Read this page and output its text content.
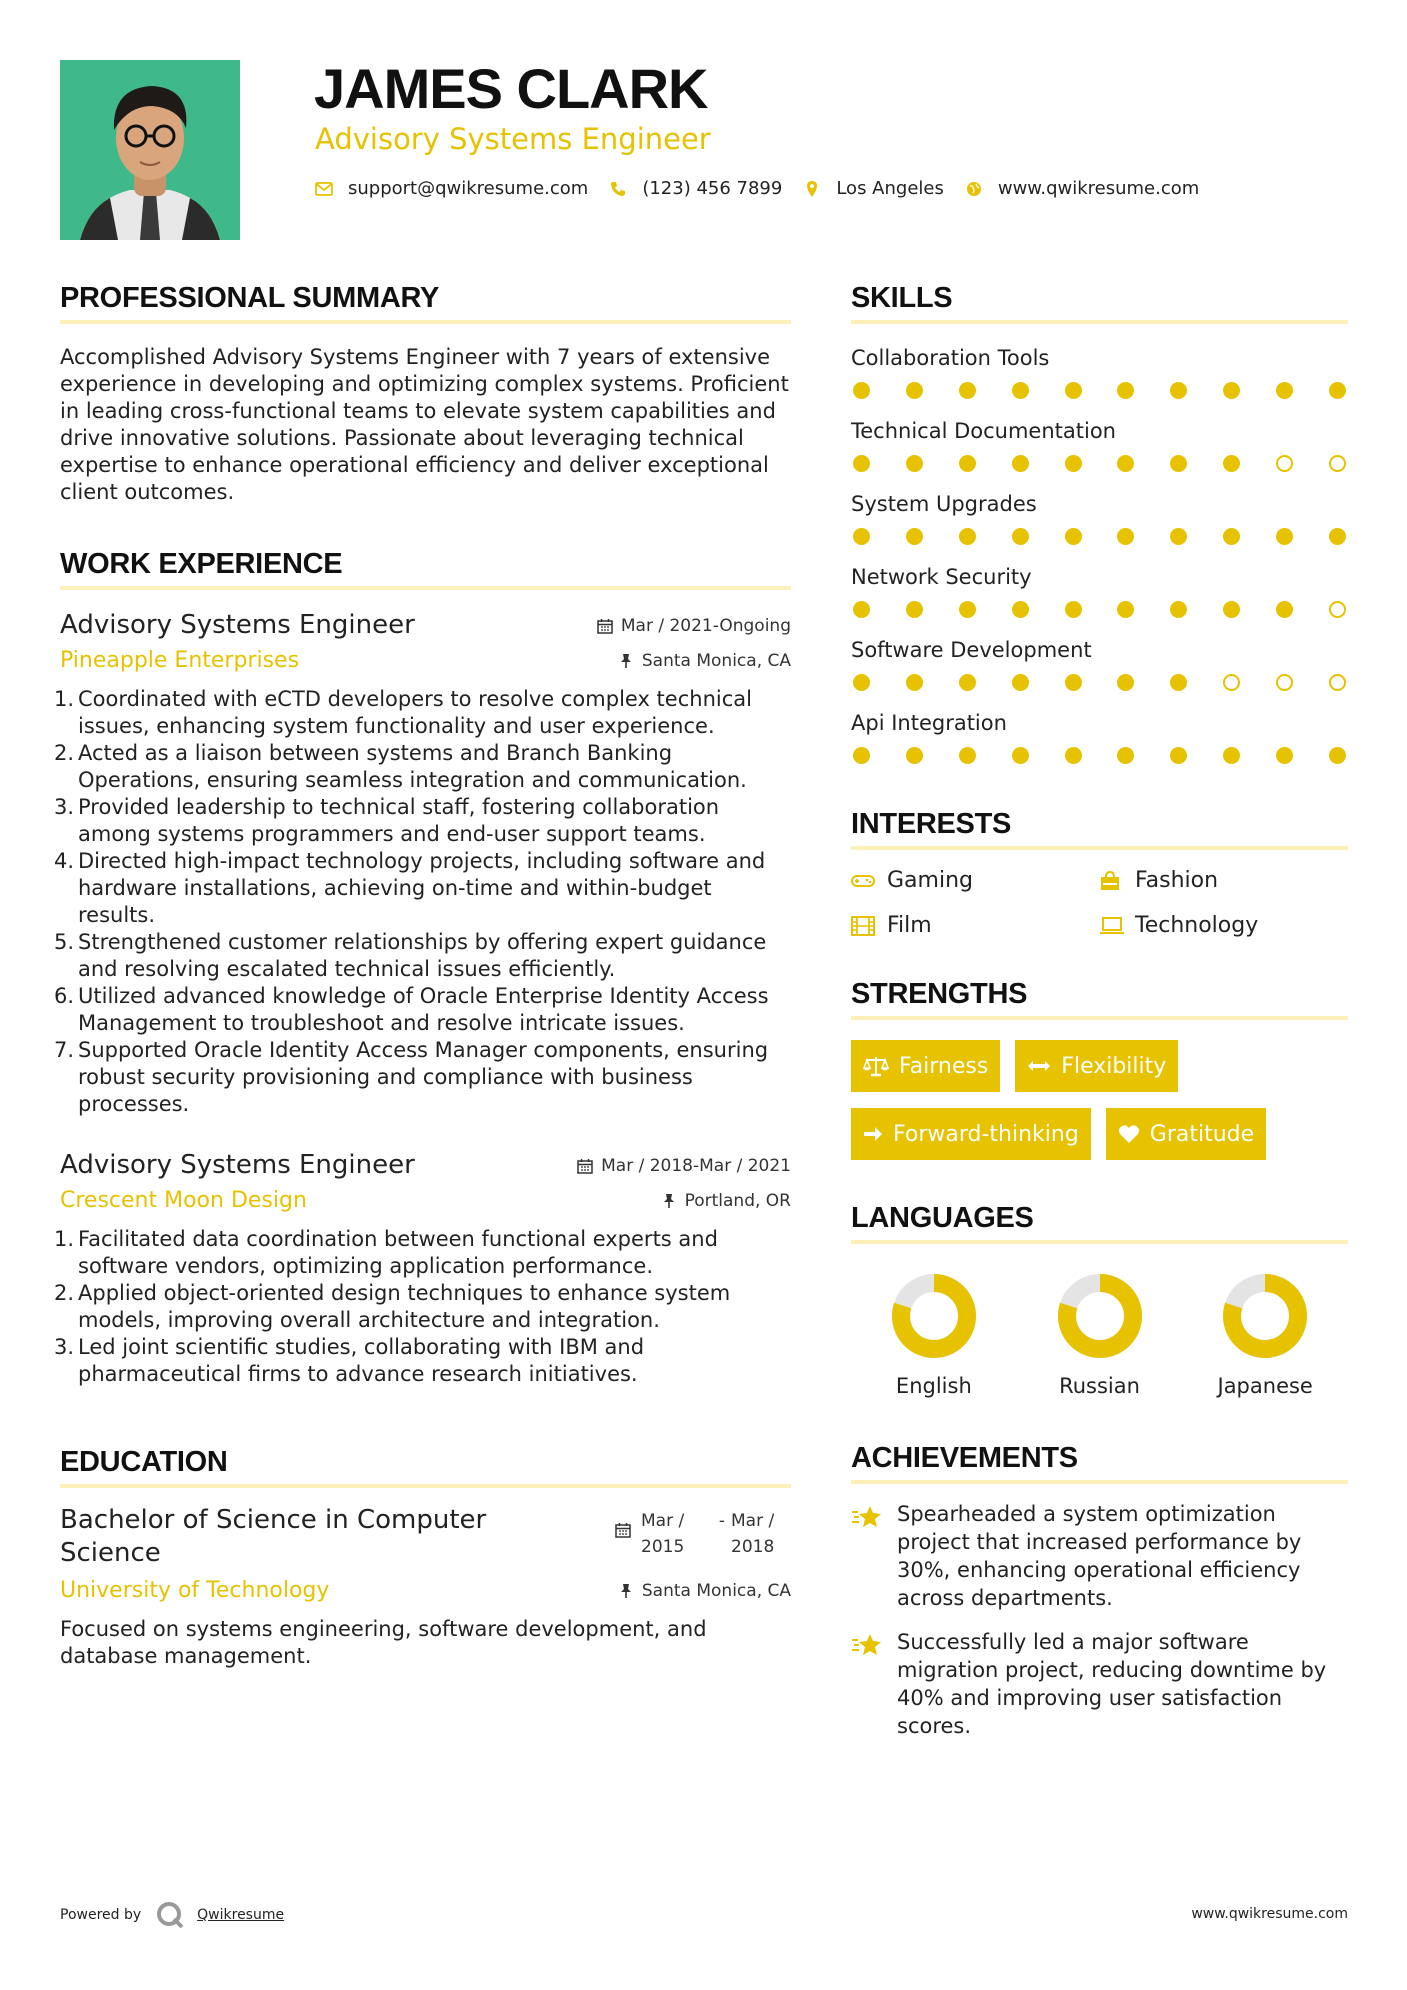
JAMES CLARK
Advisory Systems Engineer
support@qwikresume.com	(123) 456 7899	Los Angeles	www.qwikresume.com
PROFESSIONAL SUMMARY

Accomplished Advisory Systems Engineer with 7 years of extensive experience in developing and optimizing complex systems. Proficient in leading cross-functional teams to elevate system capabilities and drive innovative solutions. Passionate about leveraging technical expertise to enhance operational efficiency and deliver exceptional client outcomes.

WORK EXPERIENCE
Advisory Systems Engineer	Mar / 2021-Ongoing
Pineapple Enterprises	Santa Monica, CA
1. Coordinated with eCTD developers to resolve complex technical issues, enhancing system functionality and user experience.
2. Acted as a liaison between systems and Branch Banking Operations, ensuring seamless integration and communication.
3. Provided leadership to technical staff, fostering collaboration among systems programmers and end-user support teams.
4. Directed high-impact technology projects, including software and hardware installations, achieving on-time and within-budget results.
5. Strengthened customer relationships by offering expert guidance and resolving escalated technical issues efficiently.
6. Utilized advanced knowledge of Oracle Enterprise Identity Access Management to troubleshoot and resolve intricate issues.
7. Supported Oracle Identity Access Manager components, ensuring robust security provisioning and compliance with business processes.
Advisory Systems Engineer	Mar / 2018-Mar / 2021
Crescent Moon Design	Portland, OR
1. Facilitated data coordination between functional experts and software vendors, optimizing application performance.
2. Applied object-oriented design techniques to enhance system models, improving overall architecture and integration.
3. Led joint scientific studies, collaborating with IBM and pharmaceutical firms to advance research initiatives.
EDUCATION
Bachelor of Science in Computer Science
Mar /
2015
- Mar /
2018
University of Technology	Santa Monica, CA

Focused on systems engineering, software development, and database management.

SKILLS
Collaboration Tools
Technical Documentation
System Upgrades
Network Security
Software Development
Api Integration
INTERESTS
Gaming	Fashion
Film	Technology
STRENGTHS
Fairness	Flexibility
Forward-thinking	Gratitude
LANGUAGES
English	Russian	Japanese
ACHIEVEMENTS
Spearheaded a system optimization project that increased performance by 30%, enhancing operational efficiency across departments.
Successfully led a major software migration project, reducing downtime by 40% and improving user satisfaction scores.
Powered by	Qwikresume	www.qwikresume.com
